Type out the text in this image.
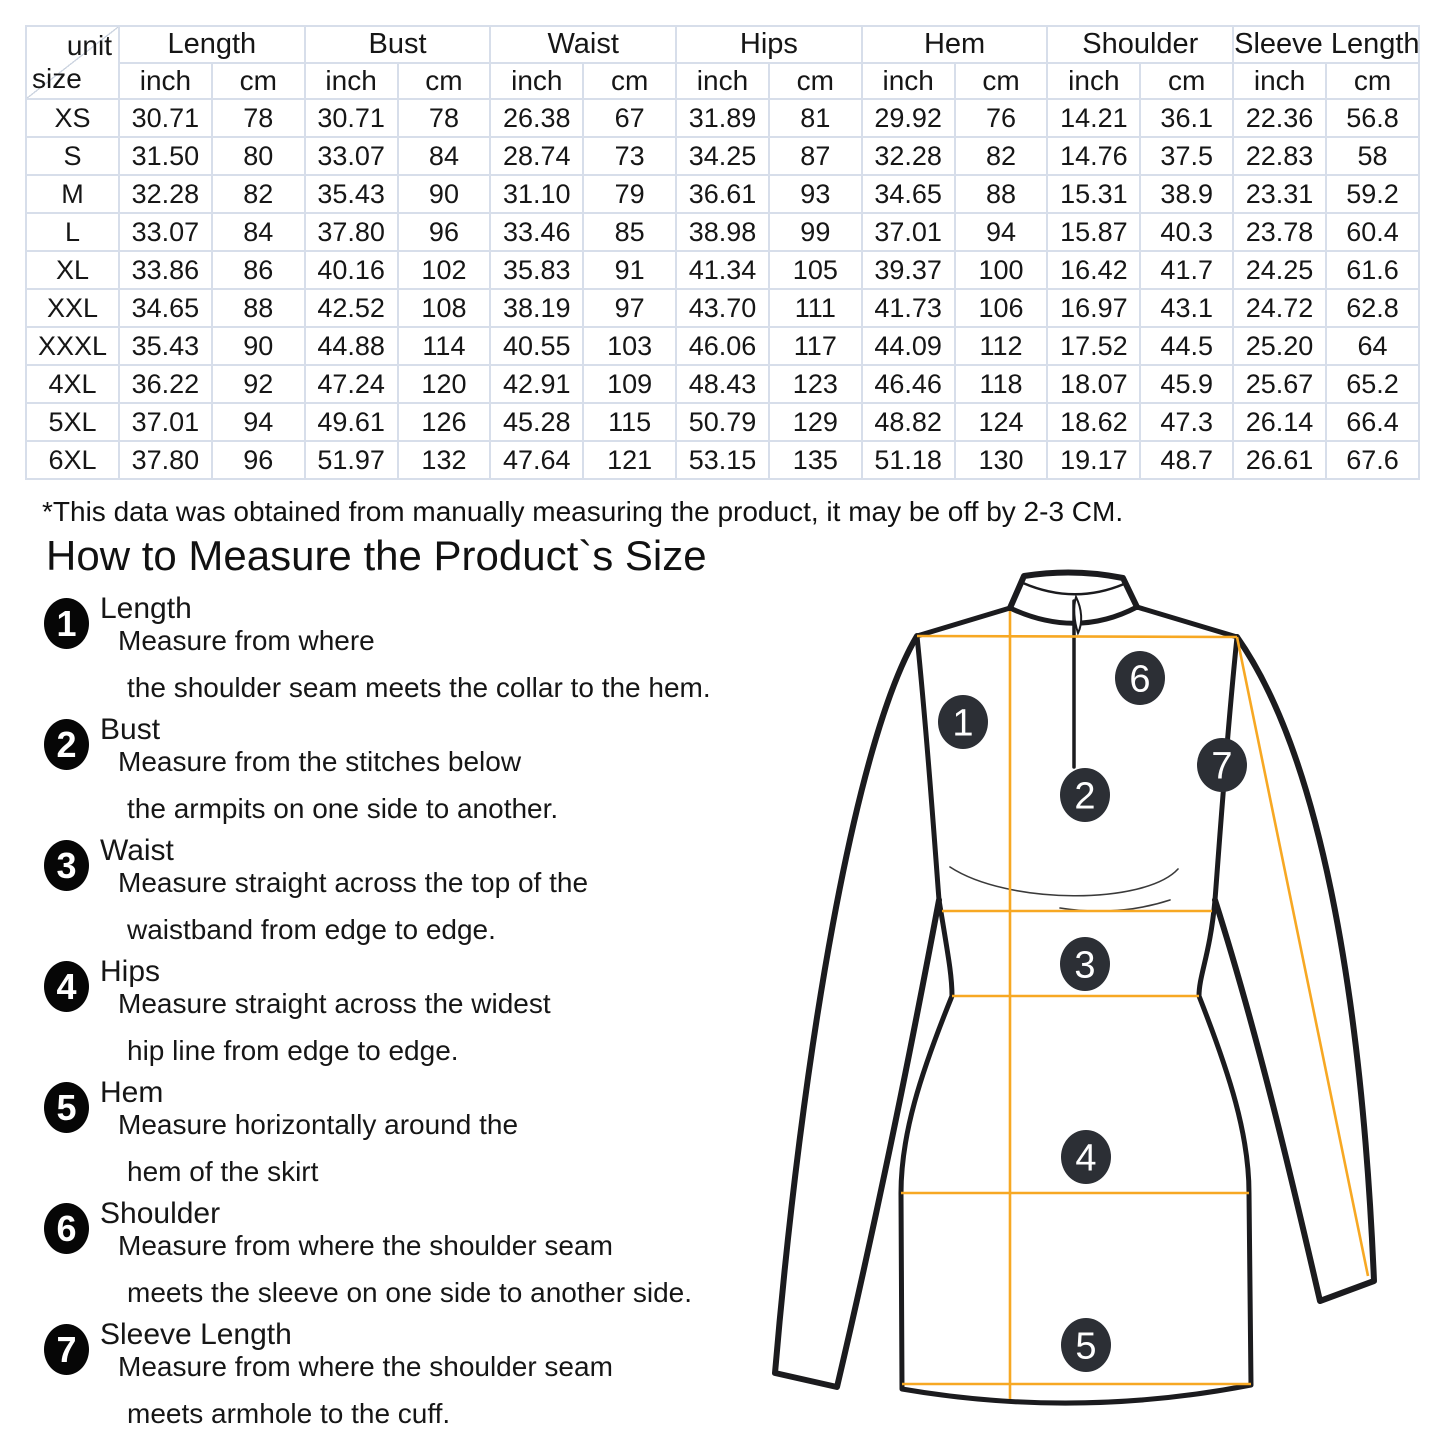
unit
size	Length		Bust		Waist		Hips		Hem		Shoulder		Sleeve Length	
	inch	cm	inch	cm	inch	cm	inch	cm	inch	cm	inch	cm	inch	cm
XS	30.71	78	30.71	78	26.38	67	31.89	81	29.92	76	14.21	36.1	22.36	56.8
S	31.50	80	33.07	84	28.74	73	34.25	87	32.28	82	14.76	37.5	22.83	58
M	32.28	82	35.43	90	31.10	79	36.61	93	34.65	88	15.31	38.9	23.31	59.2
L	33.07	84	37.80	96	33.46	85	38.98	99	37.01	94	15.87	40.3	23.78	60.4
XL	33.86	86	40.16	102	35.83	91	41.34	105	39.37	100	16.42	41.7	24.25	61.6
XXL	34.65	88	42.52	108	38.19	97	43.70	111	41.73	106	16.97	43.1	24.72	62.8
XXXL	35.43	90	44.88	114	40.55	103	46.06	117	44.09	112	17.52	44.5	25.20	64
4XL	36.22	92	47.24	120	42.91	109	48.43	123	46.46	118	18.07	45.9	25.67	65.2
5XL	37.01	94	49.61	126	45.28	115	50.79	129	48.82	124	18.62	47.3	26.14	66.4
6XL	37.80	96	51.97	132	47.64	121	53.15	135	51.18	130	19.17	48.7	26.61	67.6
*This data was obtained from manually measuring the product, it may be off by 2-3 CM.
How to Measure the Product`s Size
1 Length
Measure from where
the shoulder seam meets the collar to the hem.
2 Bust
Measure from the stitches below
the armpits on one side to another.
3 Waist
Measure straight across the top of the
waistband from edge to edge.
4 Hips
Measure straight across the widest
hip line from edge to edge.
5 Hem
Measure horizontally around the
hem of the skirt
6 Shoulder
Measure from where the shoulder seam
meets the sleeve on one side to another side.
7 Sleeve Length
Measure from where the shoulder seam
meets armhole to the cuff.
1
2
3
4
5
6
7
